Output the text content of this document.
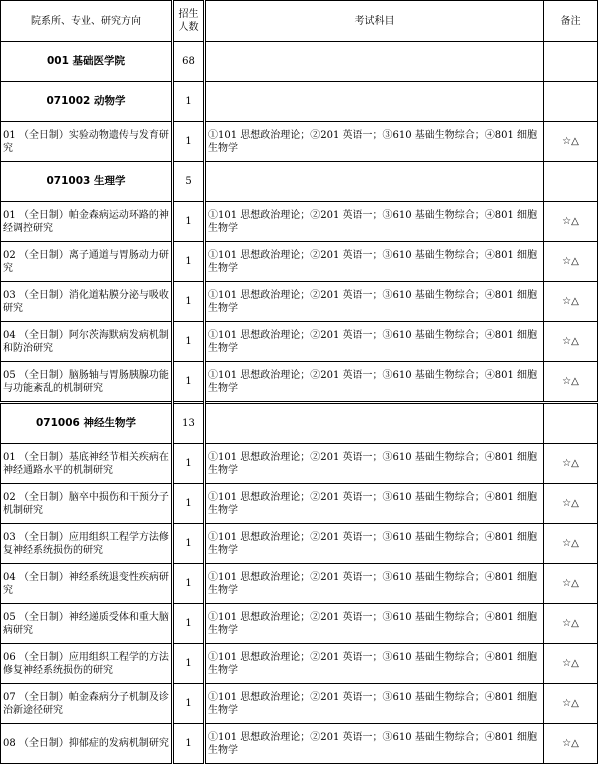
院系所、专业、研究方向	招生
人数	考试科目	备注
001 基础医学院	68		
071002 动物学	1		
01 （全日制）实验动物遗传与发育研究	1	①101 思想政治理论；②201 英语一；③610 基础生物综合；④801 细胞生物学	☆△
071003 生理学	5		
01 （全日制）帕金森病运动环路的神经调控研究	1	①101 思想政治理论；②201 英语一；③610 基础生物综合；④801 细胞生物学	☆△
02 （全日制）离子通道与胃肠动力研究	1	①101 思想政治理论；②201 英语一；③610 基础生物综合；④801 细胞生物学	☆△
03 （全日制）消化道粘膜分泌与吸收研究	1	①101 思想政治理论；②201 英语一；③610 基础生物综合；④801 细胞生物学	☆△
04 （全日制）阿尔茨海默病发病机制和防治研究	1	①101 思想政治理论；②201 英语一；③610 基础生物综合；④801 细胞生物学	☆△
05 （全日制）脑肠轴与胃肠胰腺功能与功能紊乱的机制研究	1	①101 思想政治理论；②201 英语一；③610 基础生物综合；④801 细胞生物学	☆△
071006 神经生物学	13		
01 （全日制）基底神经节相关疾病在神经通路水平的机制研究	1	①101 思想政治理论；②201 英语一；③610 基础生物综合；④801 细胞生物学	☆△
02 （全日制）脑卒中损伤和干预分子机制研究	1	①101 思想政治理论；②201 英语一；③610 基础生物综合；④801 细胞生物学	☆△
03 （全日制）应用组织工程学方法修复神经系统损伤的研究	1	①101 思想政治理论；②201 英语一；③610 基础生物综合；④801 细胞生物学	☆△
04 （全日制）神经系统退变性疾病研究	1	①101 思想政治理论；②201 英语一；③610 基础生物综合；④801 细胞生物学	☆△
05 （全日制）神经递质受体和重大脑病研究	1	①101 思想政治理论；②201 英语一；③610 基础生物综合；④801 细胞生物学	☆△
06 （全日制）应用组织工程学的方法修复神经系统损伤的研究	1	①101 思想政治理论；②201 英语一；③610 基础生物综合；④801 细胞生物学	☆△
07 （全日制）帕金森病分子机制及诊治新途径研究	1	①101 思想政治理论；②201 英语一；③610 基础生物综合；④801 细胞生物学	☆△
08 （全日制）抑郁症的发病机制研究	1	①101 思想政治理论；②201 英语一；③610 基础生物综合；④801 细胞生物学	☆△
